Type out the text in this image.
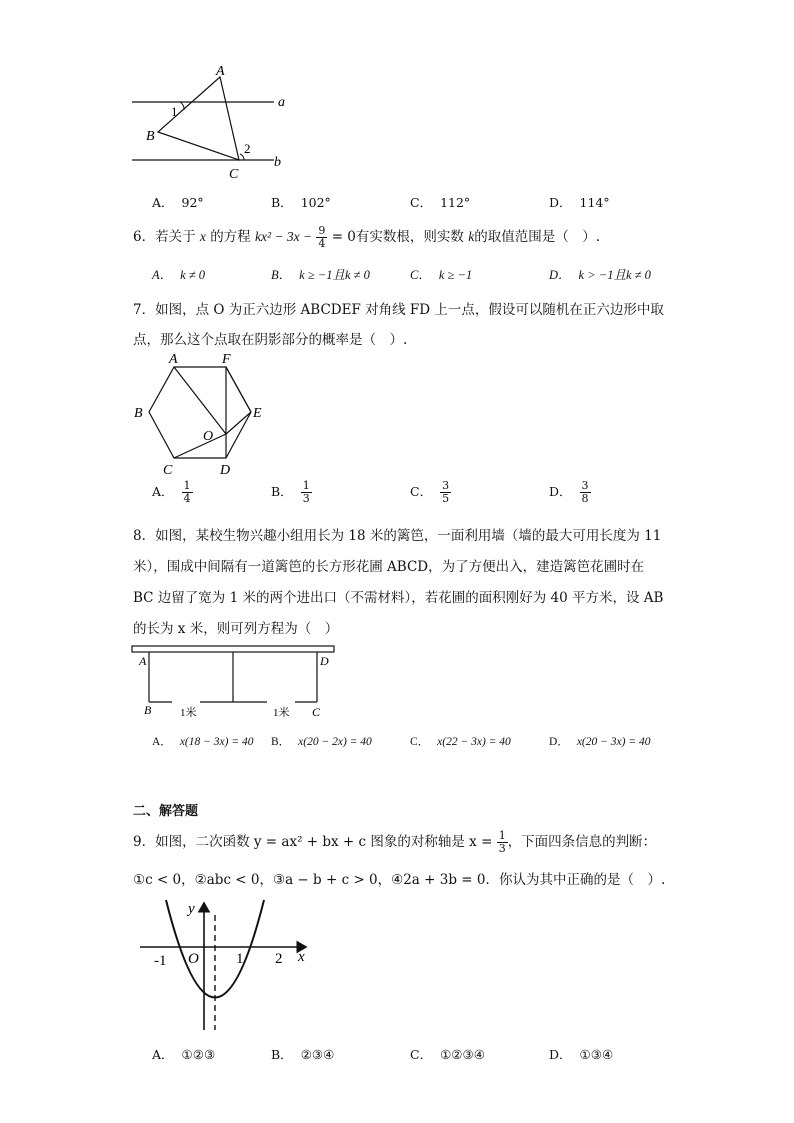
A
B
C
a
b
1
2
A． 92°	B． 102°	C． 112°	D． 114°
6．若关于 x 的方程 $kx^2 - 3x - \frac{9}{4} = 0$有实数根，则实数 k的取值范围是（　）.
A． k ≠ 0	B． k ≥ −1且k ≠ 0	C． k ≥ −1	D． k > −1且k ≠ 0
7．如图，点 O 为正六边形 ABCDEF 对角线 FD 上一点，假设可以随机在正六边形中取
点，那么这个点取在阴影部分的概率是（　）.
A	F
B	E
C	D
O
A． $\frac{1}{4}$	B． $\frac{1}{3}$	C． $\frac{3}{5}$	D． $\frac{3}{8}$
8．如图，某校生物兴趣小组用长为 18 米的篱笆，一面利用墙（墙的最大可用长度为 11
米），围成中间隔有一道篱笆的长方形花圃 ABCD，为了方便出入，建造篱笆花圃时在
BC 边留了宽为 1 米的两个进出口（不需材料），若花圃的面积刚好为 40 平方米，设 AB
的长为 x 米，则可列方程为（　）
A	D
B	C
1米	1米
A． x(18 − 3x) = 40 B． x(20 − 2x) = 40	C． x(22 − 3x) = 40	D． x(20 − 3x) = 40
二、解答题
9．如图，二次函数 y = ax² + bx + c 图象的对称轴是 $x = \frac{1}{3}$ ，下面四条信息的判断：
①c < 0，②abc < 0，③a − b + c > 0，④2a + 3b = 0．你认为其中正确的是（　）.
y
x
O
-1	1 2
A． ①②③	B． ②③④	C． ①②③④	D． ①③④
